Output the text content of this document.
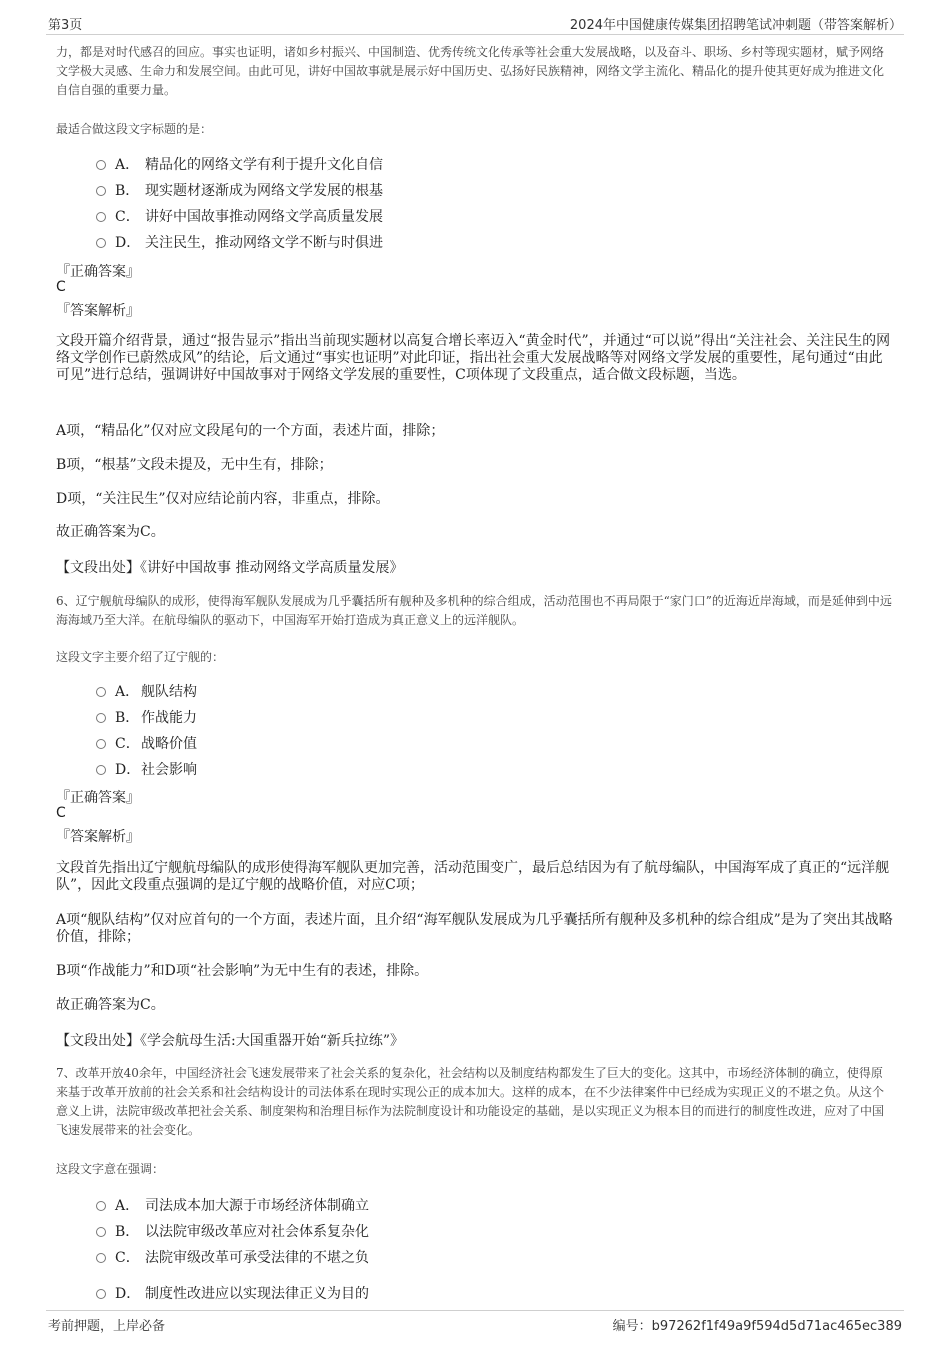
第3页	2024年中国健康传媒集团招聘笔试冲刺题（带答案解析）
力，都是对时代感召的回应。事实也证明，诸如乡村振兴、中国制造、优秀传统文化传承等社会重大发展战略，以及奋斗、职场、乡村等现实题材，赋予网络文学极大灵感、生命力和发展空间。由此可见，讲好中国故事就是展示好中国历史、弘扬好民族精神，网络文学主流化、精品化的提升使其更好成为推进文化自信自强的重要力量。
最适合做这段文字标题的是：
A． 精品化的网络文学有利于提升文化自信
B． 现实题材逐渐成为网络文学发展的根基
C． 讲好中国故事推动网络文学高质量发展
D． 关注民生，推动网络文学不断与时俱进
『正确答案』
C
『答案解析』
文段开篇介绍背景，通过“报告显示”指出当前现实题材以高复合增长率迈入“黄金时代”，并通过“可以说”得出“关注社会、关注民生的网络文学创作已蔚然成风”的结论，后文通过“事实也证明”对此印证，指出社会重大发展战略等对网络文学发展的重要性，尾句通过“由此可见”进行总结，强调讲好中国故事对于网络文学发展的重要性，C项体现了文段重点，适合做文段标题，当选。
A项，“精品化”仅对应文段尾句的一个方面，表述片面，排除；
B项，“根基”文段未提及，无中生有，排除；
D项，“关注民生”仅对应结论前内容，非重点，排除。
故正确答案为C。
【文段出处】《讲好中国故事 推动网络文学高质量发展》
6、辽宁舰航母编队的成形，使得海军舰队发展成为几乎囊括所有舰种及多机种的综合组成，活动范围也不再局限于“家门口”的近海近岸海域，而是延伸到中远海海域乃至大洋。在航母编队的驱动下，中国海军开始打造成为真正意义上的远洋舰队。
这段文字主要介绍了辽宁舰的：
A． 舰队结构
B． 作战能力
C．战略价值
D．社会影响
『正确答案』
C
『答案解析』
文段首先指出辽宁舰航母编队的成形使得海军舰队更加完善，活动范围变广，最后总结因为有了航母编队，中国海军成了真正的“远洋舰队”，因此文段重点强调的是辽宁舰的战略价值，对应C项；
A项“舰队结构”仅对应首句的一个方面，表述片面，且介绍“海军舰队发展成为几乎囊括所有舰种及多机种的综合组成”是为了突出其战略价值，排除；
B项“作战能力”和D项“社会影响”为无中生有的表述，排除。
故正确答案为C。
【文段出处】《学会航母生活:大国重器开始“新兵拉练”》
7、改革开放40余年，中国经济社会飞速发展带来了社会关系的复杂化，社会结构以及制度结构都发生了巨大的变化。这其中，市场经济体制的确立，使得原来基于改革开放前的社会关系和社会结构设计的司法体系在现时实现公正的成本加大。这样的成本，在不少法律案件中已经成为实现正义的不堪之负。从这个意义上讲，法院审级改革把社会关系、制度架构和治理目标作为法院制度设计和功能设定的基础，是以实现正义为根本目的而进行的制度性改进，应对了中国飞速发展带来的社会变化。
这段文字意在强调：
A． 司法成本加大源于市场经济体制确立
B． 以法院审级改革应对社会体系复杂化
C． 法院审级改革可承受法律的不堪之负
D． 制度性改进应以实现法律正义为目的
考前押题，上岸必备	编号：b97262f1f49a9f594d5d71ac465ec389
